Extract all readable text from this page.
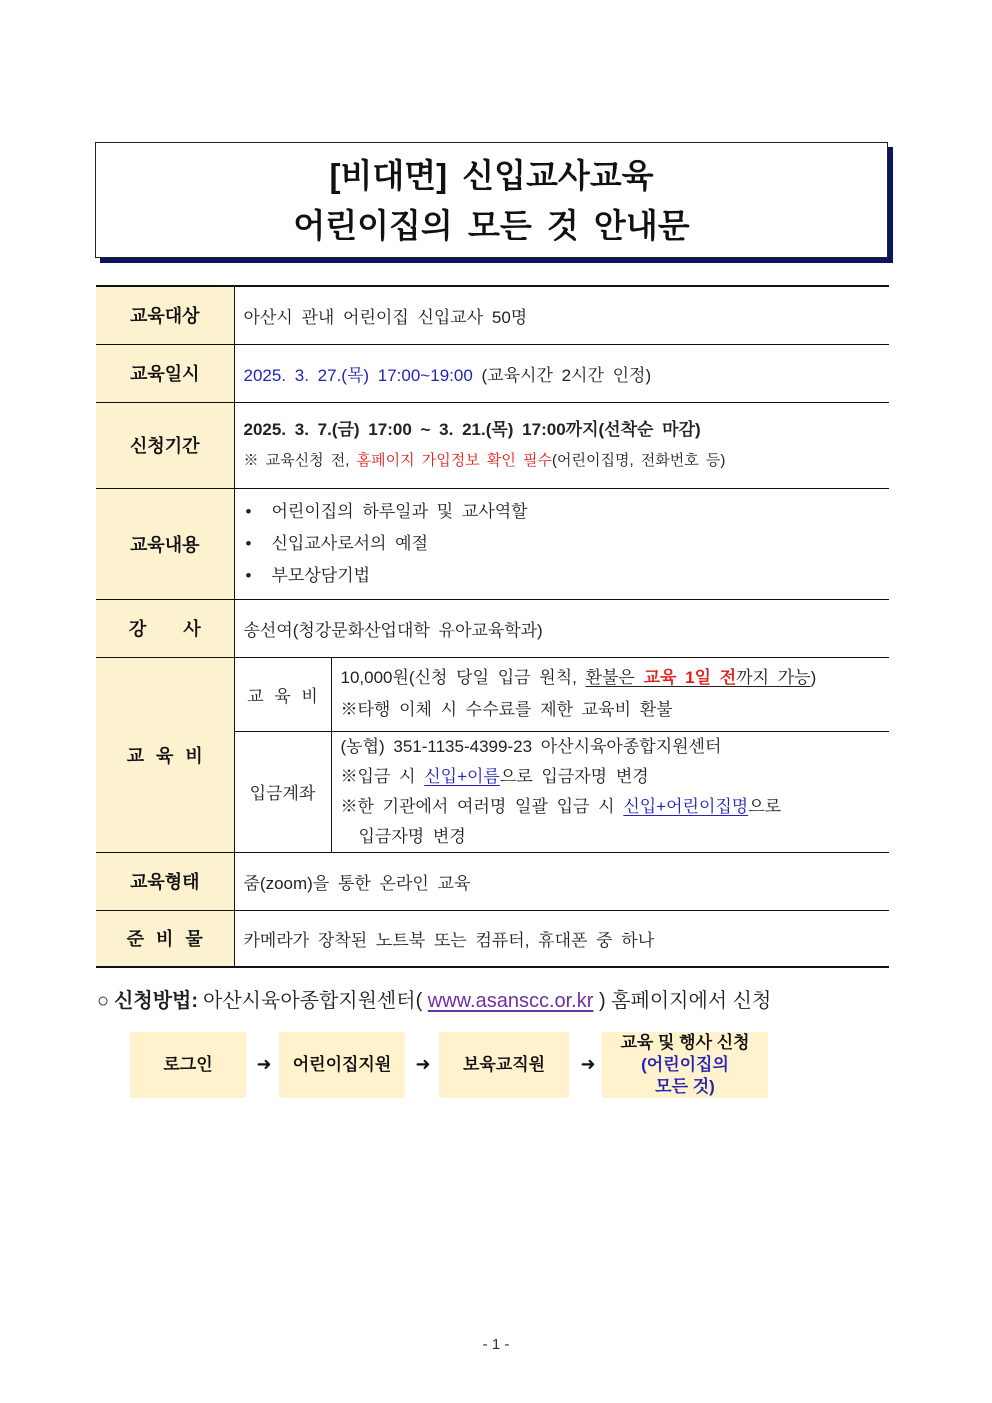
[비대면] 신입교사교육
어린이집의 모든 것 안내문
교육대상	아산시 관내 어린이집 신입교사 50명	
교육일시	2025. 3. 27.(목) 17:00~19:00 (교육시간 2시간 인정)	
신청기간	2025. 3. 7.(금) 17:00 ~ 3. 21.(목) 17:00까지(선착순 마감)
※ 교육신청 전, 홈페이지 가입정보 확인 필수(어린이집명, 전화번호 등)	

교육내용	• 어린이집의 하루일과 및 교사역할
• 신입교사로서의 예절
• 부모상담기법	

강 사	송선여(청강문화산업대학 유아교육학과)	
교 육 비	교 육 비	10,000원(신청 당일 입금 원칙, 환불은 교육 1일 전까지 가능)
※타행 이체 시 수수료를 제한 교육비 환불

	입금계좌	(농협) 351-1135-4399-23 아산시육아종합지원센터
※입금 시 신입+이름으로 입금자명 변경
※한 기관에서 여러명 일괄 입금 시 신입+어린이집명으로
입금자명 변경

교육형태	줌(zoom)을 통한 온라인 교육	
준 비 물	카메라가 장착된 노트북 또는 컴퓨터, 휴대폰 중 하나	
○ 신청방법: 아산시육아종합지원센터( www.asanscc.or.kr ) 홈페이지에서 신청
로그인	➜	어린이집지원	➜	보육교직원	➜
교육 및 행사 신청
(어린이집의
모든 것)
- 1 -
